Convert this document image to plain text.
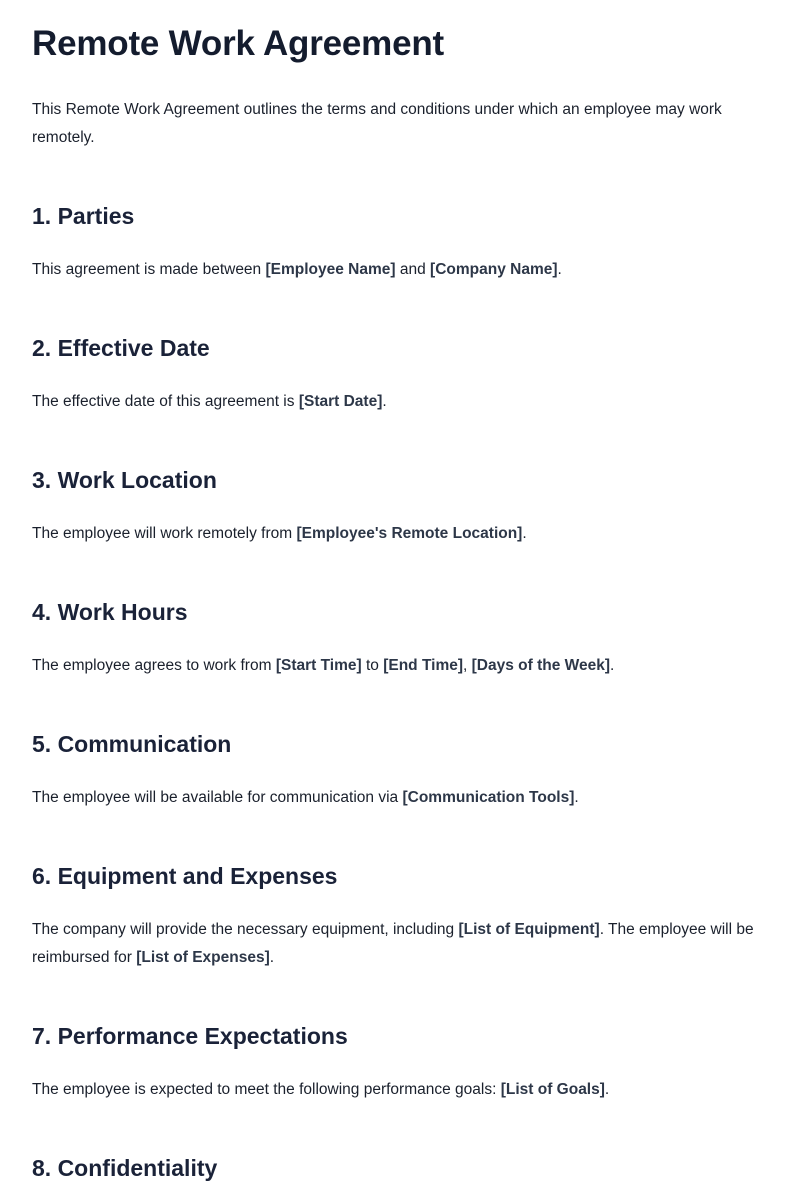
Remote Work Agreement

This Remote Work Agreement outlines the terms and conditions under which an employee may work remotely.

1. Parties

This agreement is made between [Employee Name] and [Company Name].

2. Effective Date

The effective date of this agreement is [Start Date].

3. Work Location

The employee will work remotely from [Employee's Remote Location].

4. Work Hours

The employee agrees to work from [Start Time] to [End Time], [Days of the Week].

5. Communication

The employee will be available for communication via [Communication Tools].

6. Equipment and Expenses

The company will provide the necessary equipment, including [List of Equipment]. The employee will be reimbursed for [List of Expenses].

7. Performance Expectations

The employee is expected to meet the following performance goals: [List of Goals].

8. Confidentiality
